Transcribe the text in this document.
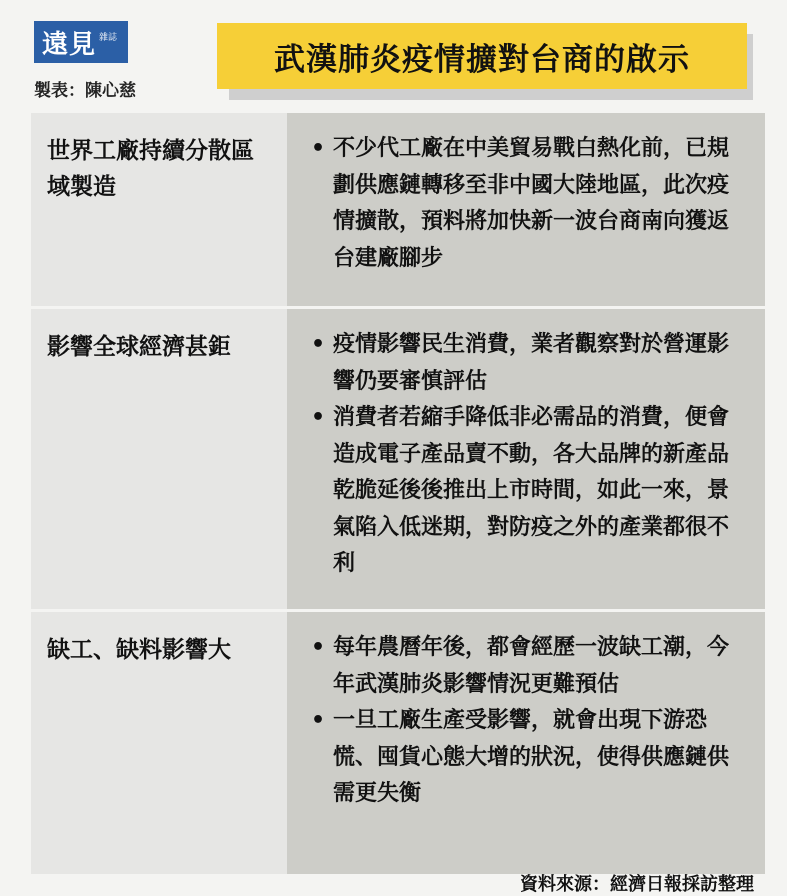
遠見 雜誌
製表：陳心慈
武漢肺炎疫情擴對台商的啟示
世界工廠持續分散區域製造
• 不少代工廠在中美貿易戰白熱化前，已規劃供應鏈轉移至非中國大陸地區，此次疫情擴散，預料將加快新一波台商南向獲返台建廠腳步
影響全球經濟甚鉅	• 疫情影響民生消費，業者觀察對於營運影響仍要審慎評估
• 消費者若縮手降低非必需品的消費，便會造成電子產品賣不動，各大品牌的新產品乾脆延後後推出上市時間，如此一來，景氣陷入低迷期，對防疫之外的產業都很不利
缺工、缺料影響大	• 每年農曆年後，都會經歷一波缺工潮，今年武漢肺炎影響情況更難預估
• 一旦工廠生產受影響，就會出現下游恐慌、囤貨心態大增的狀況，使得供應鏈供需更失衡
資料來源：經濟日報採訪整理
